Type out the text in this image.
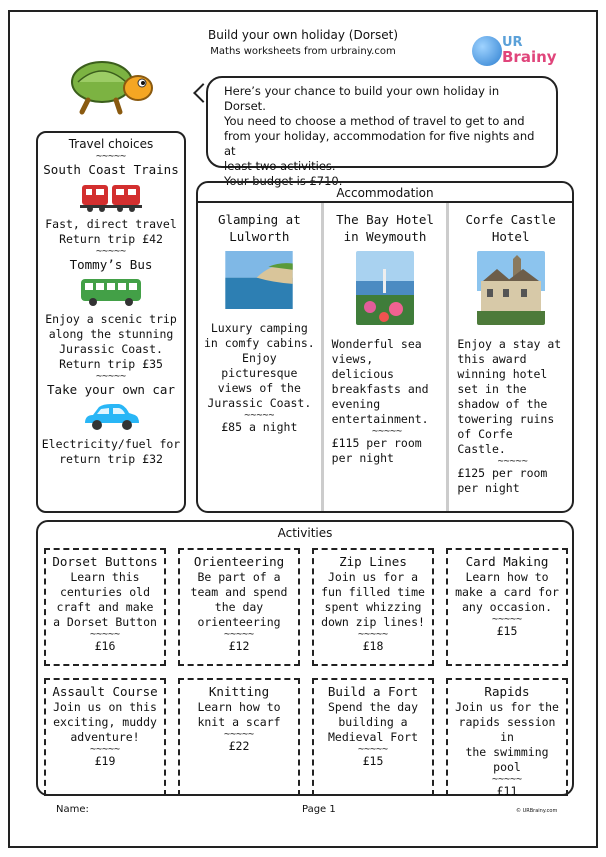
Build your own holiday (Dorset)
Maths worksheets from urbrainy.com
UR
Brainy
Here’s your chance to build your own holiday in Dorset.
You need to choose a method of travel to get to and
from your holiday, accommodation for five nights and at
least two activities.
Your budget is £710.
Travel choices
~~~~~
South Coast Trains
Fast, direct travel
Return trip £42
~~~~~
Tommy’s Bus
Enjoy a scenic trip
along the stunning
Jurassic Coast.
Return trip £35
~~~~~
Take your own car
Electricity/fuel for
return trip £32
Accommodation
Glamping at
Lulworth
Luxury camping
in comfy cabins.
Enjoy
picturesque
views of the
Jurassic Coast.
~~~~~
£85 a night
The Bay Hotel
in Weymouth
Wonderful sea
views, delicious
breakfasts and
evening
entertainment.
~~~~~
£115 per room
per night
Corfe Castle
Hotel
Enjoy a stay at
this award
winning hotel
set in the
shadow of the
towering ruins
of Corfe Castle.
~~~~~
£125 per room
per night
Activities
Dorset Buttons
Learn this
centuries old
craft and make
a Dorset Button
~~~~~
£16
Orienteering
Be part of a
team and spend
the day
orienteering
~~~~~
£12
Zip Lines
Join us for a
fun filled time
spent whizzing
down zip lines!
~~~~~
£18
Card Making
Learn how to
make a card for
any occasion.
~~~~~
£15
Assault Course
Join us on this
exciting, muddy
adventure!
~~~~~
£19
Knitting
Learn how to
knit a scarf
~~~~~
£22
Build a Fort
Spend the day
building a
Medieval Fort
~~~~~
£15
Rapids
Join us for the
rapids session in
the swimming pool
~~~~~
£11
Name:	Page 1	© URBrainy.com
